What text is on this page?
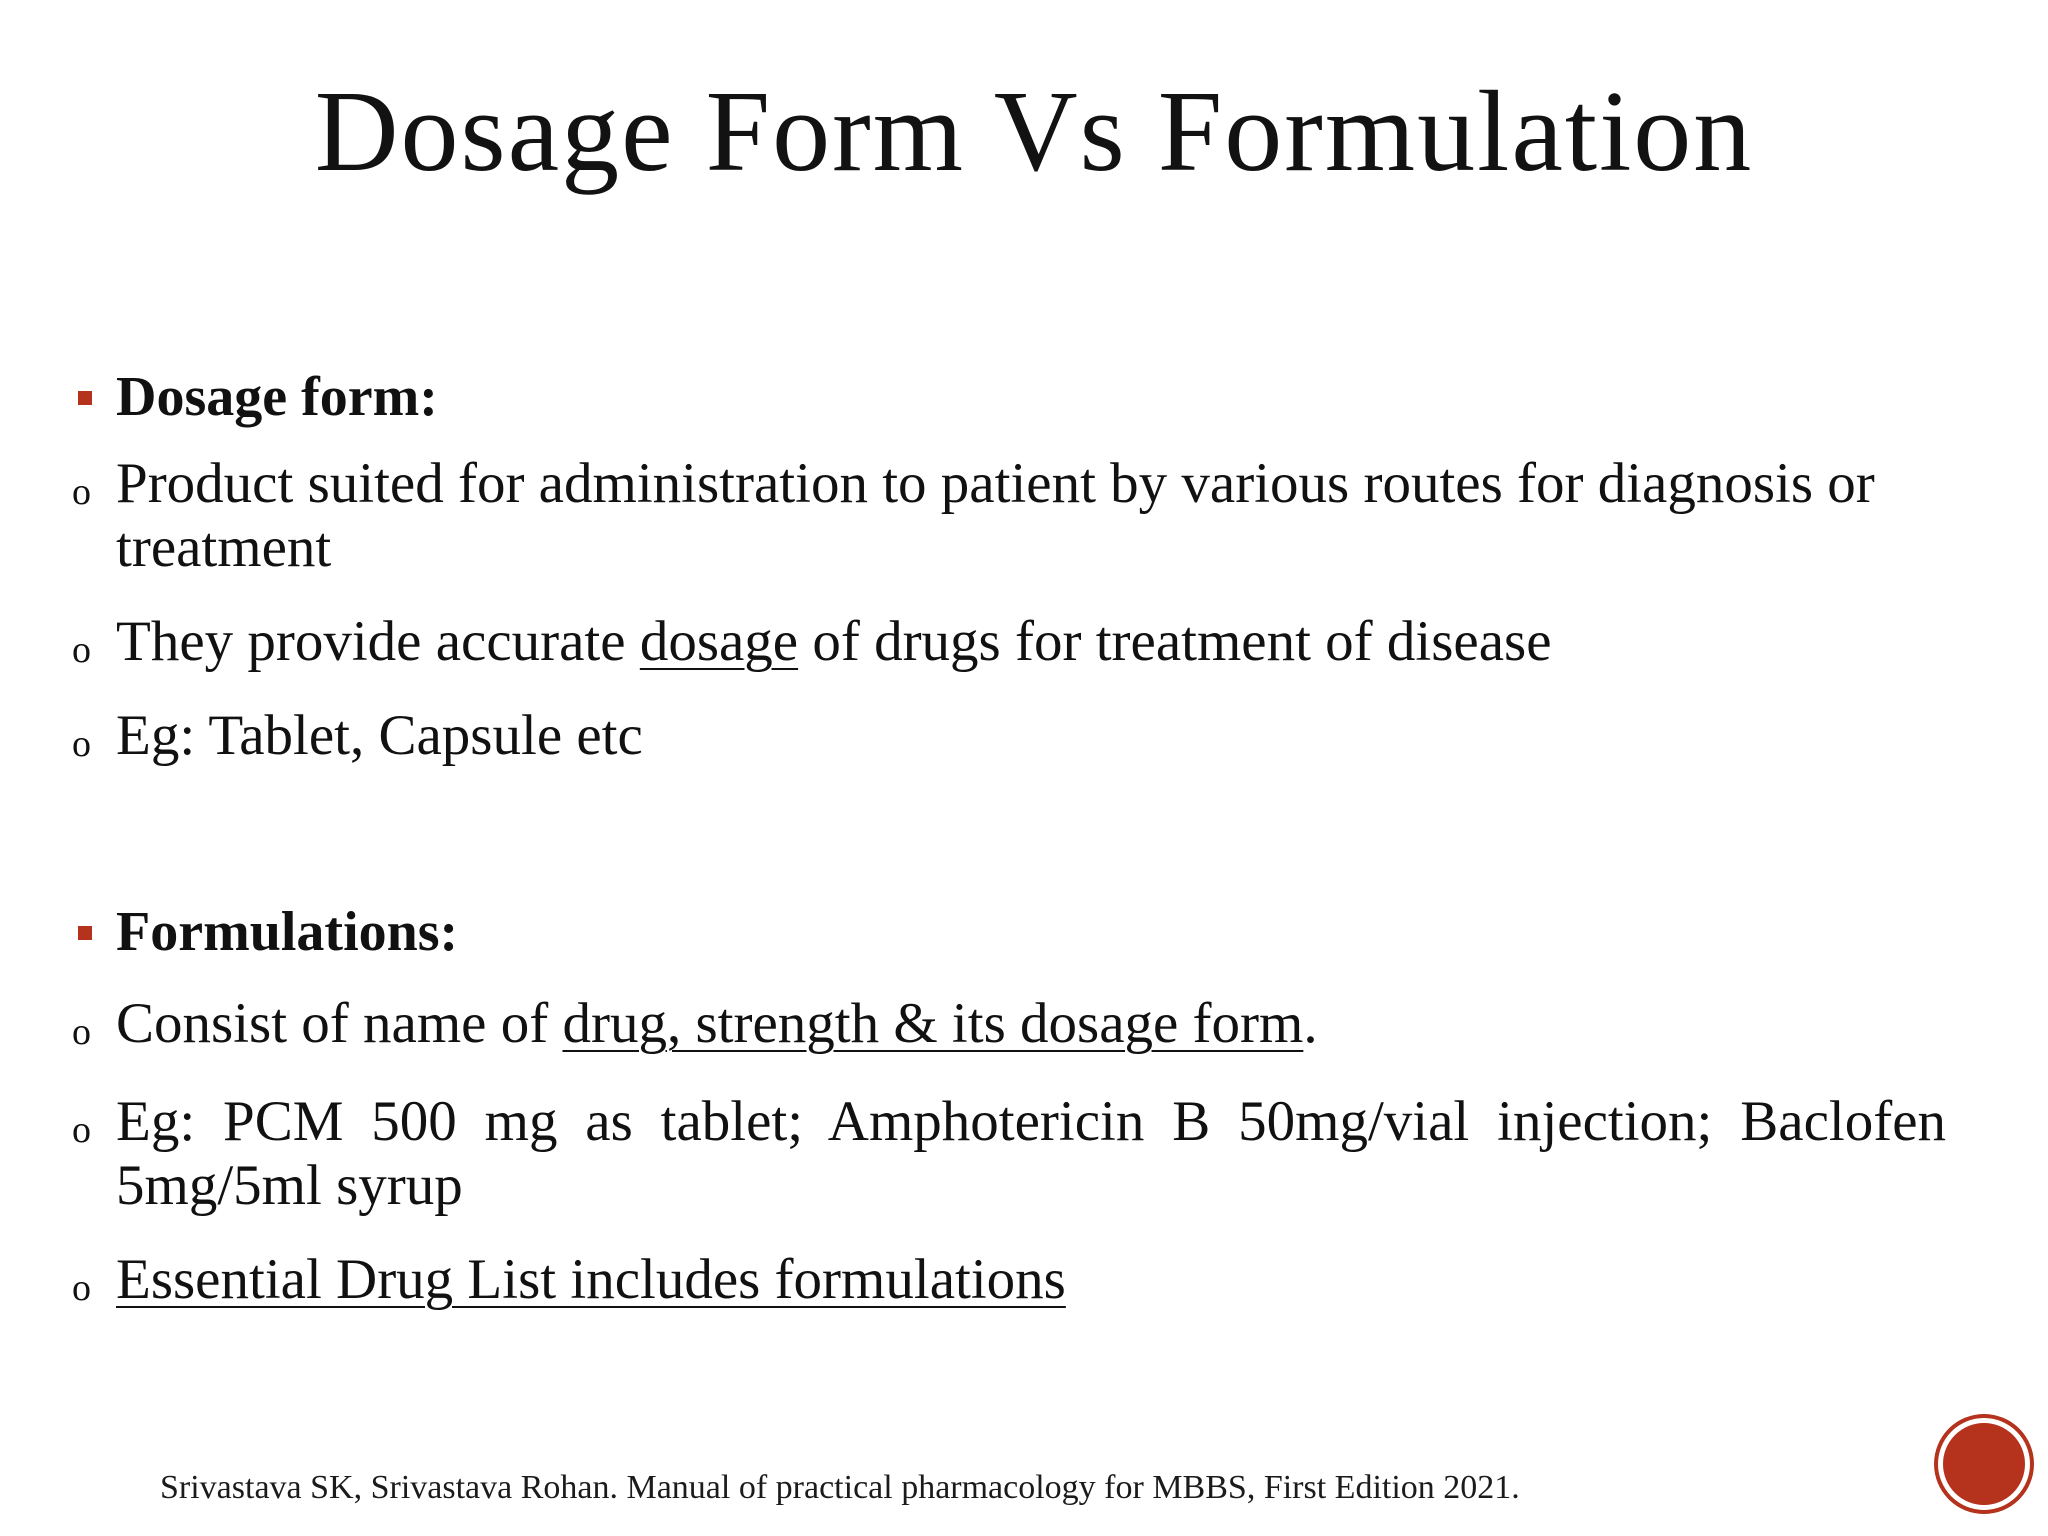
Dosage Form Vs Formulation
Dosage form:
o Product suited for administration to patient by various routes for diagnosis or treatment
o They provide accurate dosage of drugs for treatment of disease
o Eg: Tablet, Capsule etc
Formulations:
o Consist of name of drug, strength & its dosage form.
o Eg: PCM 500 mg as tablet; Amphotericin B 50mg/vial injection; Baclofen 5mg/5ml syrup
o Essential Drug List includes formulations
Srivastava SK, Srivastava Rohan. Manual of practical pharmacology for MBBS, First Edition 2021.
